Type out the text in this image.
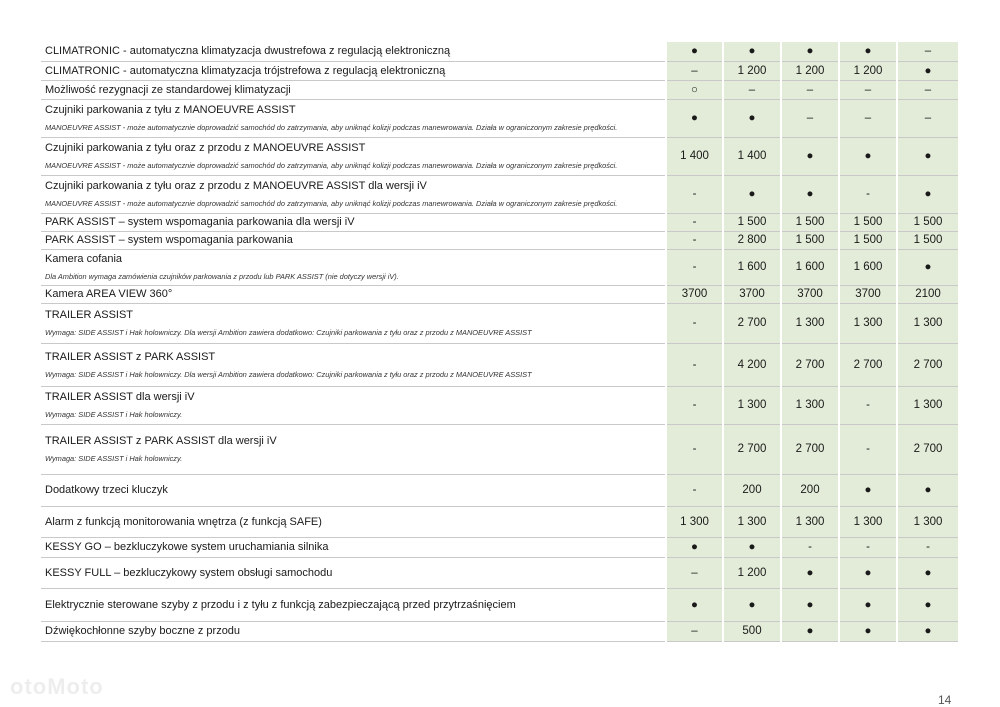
CLIMATRONIC - automatyczna klimatyzacja dwustrefowa z regulacją elektroniczną	●	●	●	●	–

CLIMATRONIC - automatyczna klimatyzacja trójstrefowa z regulacją elektroniczną	–	1 200	1 200	1 200	●

Możliwość rezygnacji ze standardowej klimatyzacji	○	–	–	–	–

Czujniki parkowania z tyłu z MANOEUVRE ASSIST
MANOEUVRE ASSIST - może automatycznie doprowadzić samochód do zatrzymania, aby uniknąć kolizji podczas manewrowania. Działa w ograniczonym zakresie prędkości.	●	●	–	–	–

Czujniki parkowania z tyłu oraz z przodu z MANOEUVRE ASSIST
MANOEUVRE ASSIST - może automatycznie doprowadzić samochód do zatrzymania, aby uniknąć kolizji podczas manewrowania. Działa w ograniczonym zakresie prędkości.	1 400	1 400	●	●	●

Czujniki parkowania z tyłu oraz z przodu z MANOEUVRE ASSIST dla wersji iV
MANOEUVRE ASSIST - może automatycznie doprowadzić samochód do zatrzymania, aby uniknąć kolizji podczas manewrowania. Działa w ograniczonym zakresie prędkości.	-	●	●	-	●

PARK ASSIST – system wspomagania parkowania dla wersji iV	-	1 500	1 500	1 500	1 500

PARK ASSIST – system wspomagania parkowania	-	2 800	1 500	1 500	1 500

Kamera cofania
Dla Ambition wymaga zamówienia czujników parkowania z przodu lub PARK ASSIST (nie dotyczy wersji iV).	-	1 600	1 600	1 600	●

Kamera AREA VIEW 360°	3700	3700	3700	3700	2100

TRAILER ASSIST
Wymaga: SIDE ASSIST i Hak holowniczy. Dla wersji Ambition zawiera dodatkowo: Czujniki parkowania z tyłu oraz z przodu z MANOEUVRE ASSIST	-	2 700	1 300	1 300	1 300

TRAILER ASSIST z PARK ASSIST
Wymaga: SIDE ASSIST i Hak holowniczy. Dla wersji Ambition zawiera dodatkowo: Czujniki parkowania z tyłu oraz z przodu z MANOEUVRE ASSIST	-	4 200	2 700	2 700	2 700

TRAILER ASSIST dla wersji iV
Wymaga: SIDE ASSIST i Hak holowniczy.	-	1 300	1 300	-	1 300

TRAILER ASSIST z PARK ASSIST dla wersji iV
Wymaga: SIDE ASSIST i Hak holowniczy.	-	2 700	2 700	-	2 700

Dodatkowy trzeci kluczyk	-	200	200	●	●

Alarm z funkcją monitorowania wnętrza (z funkcją SAFE)	1 300	1 300	1 300	1 300	1 300

KESSY GO – bezkluczykowe system uruchamiania silnika	●	●	-	-	-

KESSY FULL – bezkluczykowy system obsługi samochodu	–	1 200	●	●	●

Elektrycznie sterowane szyby z przodu i z tyłu z funkcją zabezpieczającą przed przytrzaśnięciem	●	●	●	●	●

Dźwiękochłonne szyby boczne z przodu	–	500	●	●	●
otoMoto
14
